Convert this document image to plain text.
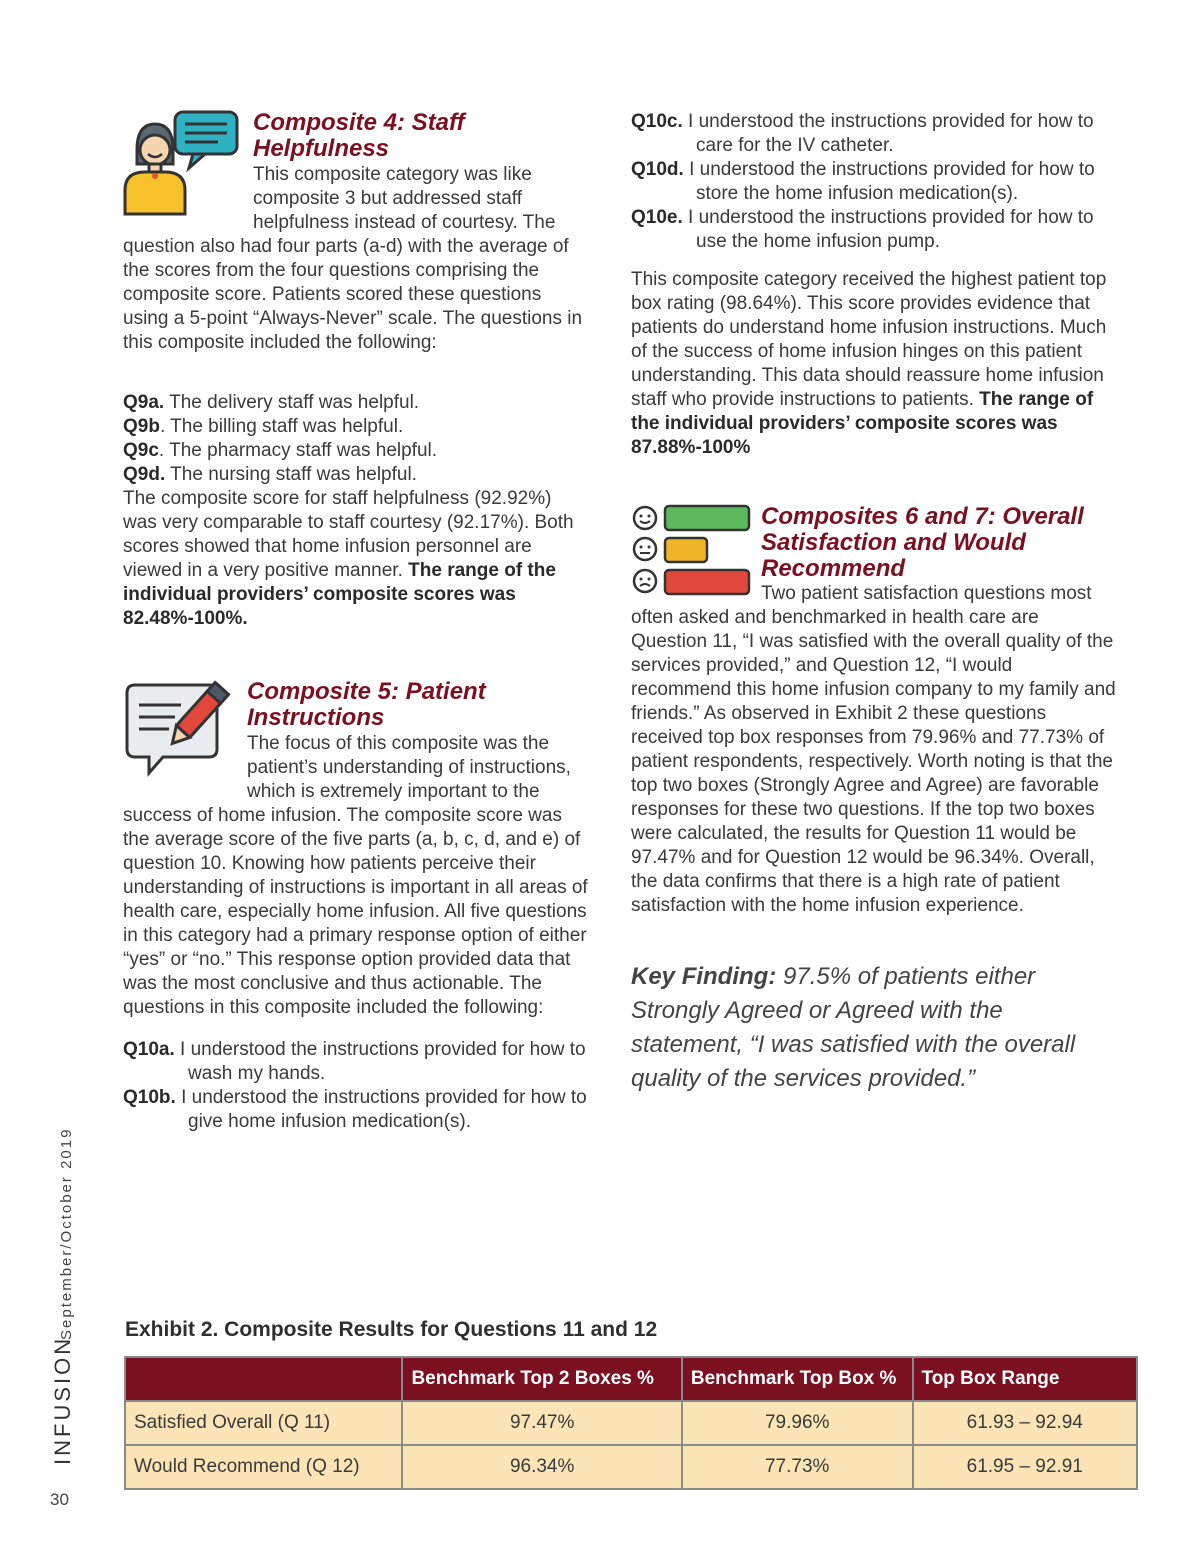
Composite 4: Staff
Helpfulness

This composite category was like composite 3 but addressed staff helpfulness instead of courtesy. The question also had four parts (a-d) with the average of the scores from the four questions comprising the composite score. Patients scored these questions using a 5-point “Always-Never” scale. The questions in this composite included the following:

Q9a. The delivery staff was helpful.

Q9b. The billing staff was helpful.

Q9c. The pharmacy staff was helpful.

Q9d. The nursing staff was helpful.

The composite score for staff helpfulness (92.92%) was very comparable to staff courtesy (92.17%). Both scores showed that home infusion personnel are viewed in a very positive manner. The range of the individual providers’ composite scores was 82.48%-100%.

Composite 5: Patient
Instructions

The focus of this composite was the patient’s understanding of instructions, which is extremely important to the success of home infusion. The composite score was the average score of the five parts (a, b, c, d, and e) of question 10. Knowing how patients perceive their understanding of instructions is important in all areas of health care, especially home infusion. All five questions in this category had a primary response option of either “yes” or “no.” This response option provided data that was the most conclusive and thus actionable. The questions in this composite included the following:

Q10a. I understood the instructions provided for how to wash my hands.

Q10b. I understood the instructions provided for how to give home infusion medication(s).

Q10c. I understood the instructions provided for how to care for the IV catheter.

Q10d. I understood the instructions provided for how to store the home infusion medication(s).

Q10e. I understood the instructions provided for how to use the home infusion pump.

This composite category received the highest patient top box rating (98.64%). This score provides evidence that patients do understand home infusion instructions. Much of the success of home infusion hinges on this patient understanding. This data should reassure home infusion staff who provide instructions to patients. The range of the individual providers’ composite scores was 87.88%-100%

Composites 6 and 7: Overall
Satisfaction and Would
Recommend

Two patient satisfaction questions most often asked and benchmarked in health care are Question 11, “I was satisfied with the overall quality of the services provided,” and Question 12, “I would recommend this home infusion company to my family and friends.” As observed in Exhibit 2 these questions received top box responses from 79.96% and 77.73% of patient respondents, respectively. Worth noting is that the top two boxes (Strongly Agree and Agree) are favorable responses for these two questions. If the top two boxes were calculated, the results for Question 11 would be 97.47% and for Question 12 would be 96.34%. Overall, the data confirms that there is a high rate of patient satisfaction with the home infusion experience.

Key Finding: 97.5% of patients either Strongly Agreed or Agreed with the statement, “I was satisfied with the overall quality of the services provided.”

September/October 2019
INFUSION
30
Exhibit 2. Composite Results for Questions 11 and 12
	Benchmark Top 2 Boxes %	Benchmark Top Box %	Top Box Range
Satisfied Overall (Q 11)	97.47%	79.96%	61.93 – 92.94
Would Recommend (Q 12)	96.34%	77.73%	61.95 – 92.91
